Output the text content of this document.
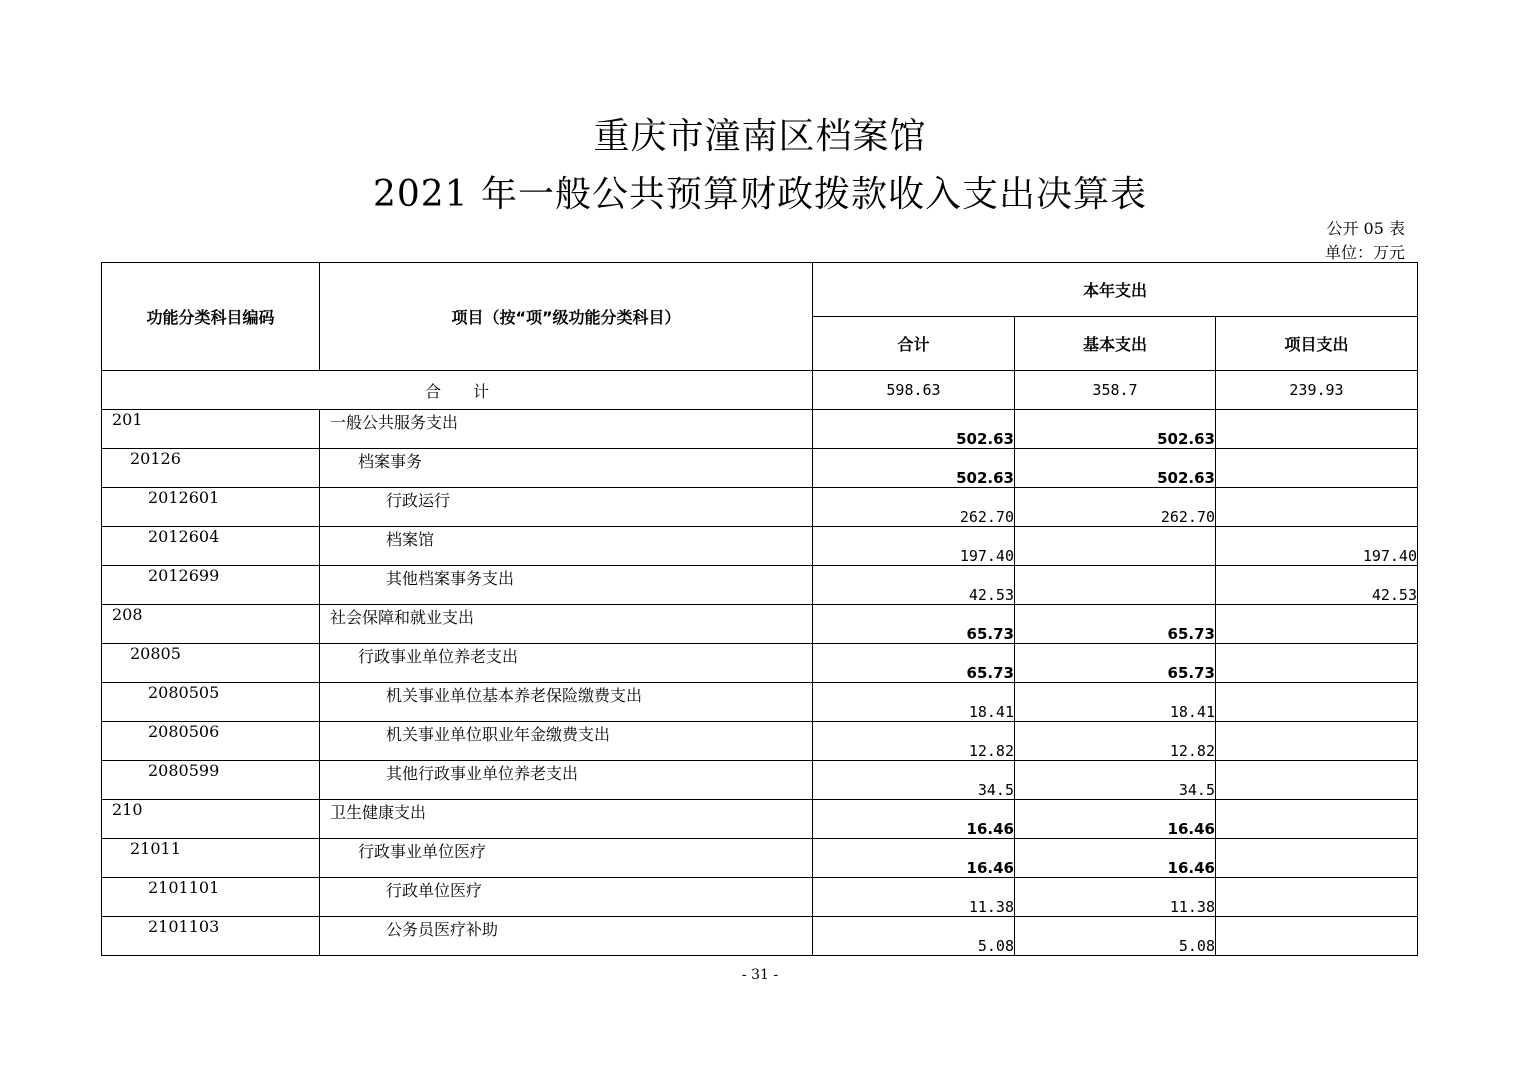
重庆市潼南区档案馆
2021 年一般公共预算财政拨款收入支出决算表
公开 05 表
单位：万元
功能分类科目编码	项目（按“项”级功能分类科目）	本年支出		
		合计	基本支出	项目支出
合　　计		598.63	358.7	239.93
201	一般公共服务支出	502.63	502.63	
20126	档案事务	502.63	502.63	
2012601	行政运行	262.70	262.70	
2012604	档案馆	197.40		197.40
2012699	其他档案事务支出	42.53		42.53
208	社会保障和就业支出	65.73	65.73	
20805	行政事业单位养老支出	65.73	65.73	
2080505	机关事业单位基本养老保险缴费支出	18.41	18.41	
2080506	机关事业单位职业年金缴费支出	12.82	12.82	
2080599	其他行政事业单位养老支出	34.5	34.5	
210	卫生健康支出	16.46	16.46	
21011	行政事业单位医疗	16.46	16.46	
2101101	行政单位医疗	11.38	11.38	
2101103	公务员医疗补助	5.08	5.08	
- 31 -
